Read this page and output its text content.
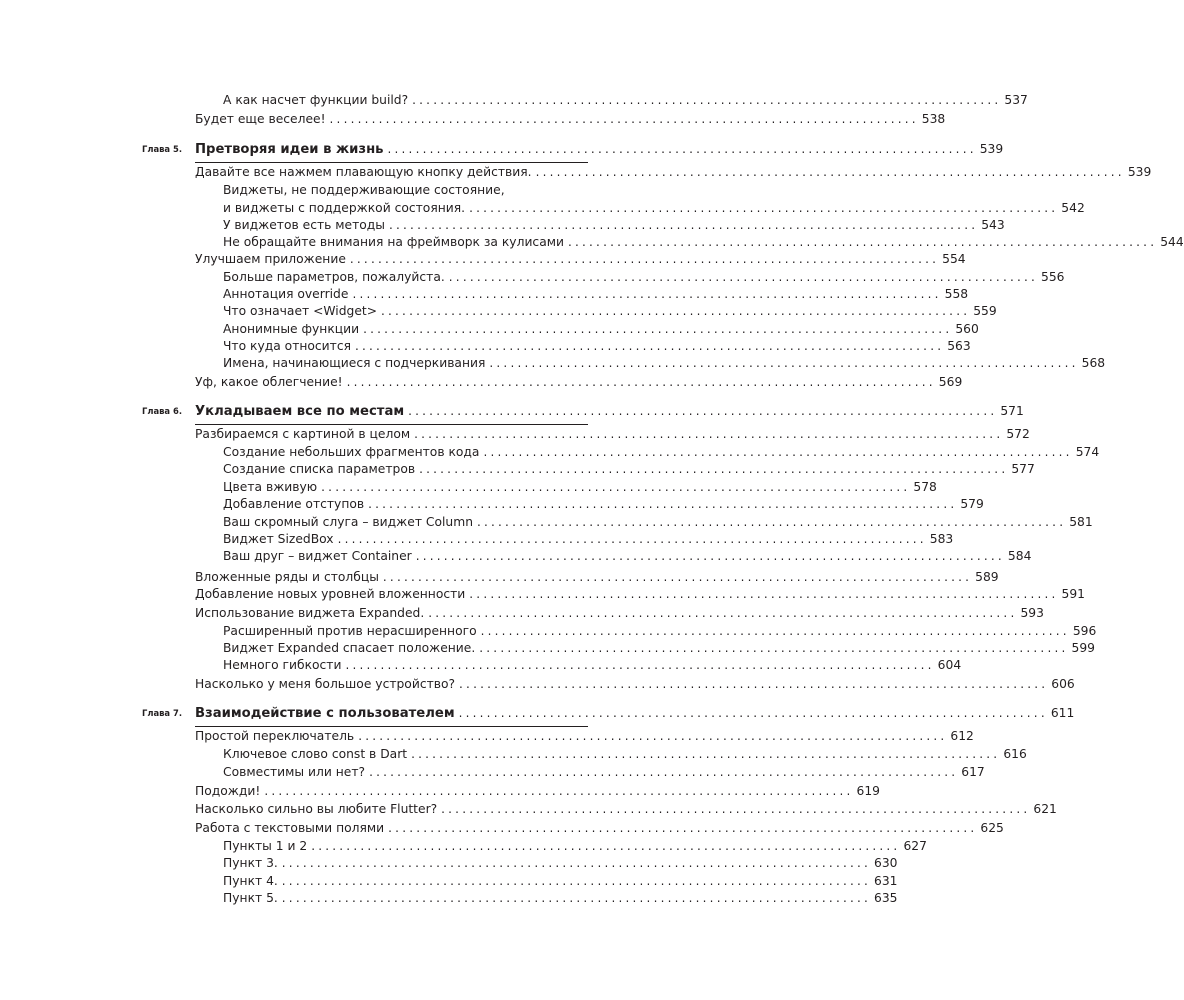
А как насчет функции build? .................................................................................... 537
Будет еще веселее! .................................................................................... 538
Глава 5. Претворяя идеи в жизнь .................................................................................... 539
Давайте все нажмем плавающую кнопку действия. .................................................................................... 539
Виджеты, не поддерживающие состояние,
и виджеты с поддержкой состояния. .................................................................................... 542
У виджетов есть методы .................................................................................... 543
Не обращайте внимания на фреймворк за кулисами .................................................................................... 544
Улучшаем приложение .................................................................................... 554
Больше параметров, пожалуйста. .................................................................................... 556
Аннотация override .................................................................................... 558
Что означает <Widget> .................................................................................... 559
Анонимные функции .................................................................................... 560
Что куда относится .................................................................................... 563
Имена, начинающиеся с подчеркивания .................................................................................... 568
Уф, какое облегчение! .................................................................................... 569
Глава 6. Укладываем все по местам .................................................................................... 571
Разбираемся с картиной в целом .................................................................................... 572
Создание небольших фрагментов кода .................................................................................... 574
Создание списка параметров .................................................................................... 577
Цвета вживую .................................................................................... 578
Добавление отступов .................................................................................... 579
Ваш скромный слуга – виджет Column .................................................................................... 581
Виджет SizedBox .................................................................................... 583
Ваш друг – виджет Container .................................................................................... 584
Вложенные ряды и столбцы .................................................................................... 589
Добавление новых уровней вложенности .................................................................................... 591
Использование виджета Expanded. .................................................................................... 593
Расширенный против нерасширенного .................................................................................... 596
Виджет Expanded спасает положение. .................................................................................... 599
Немного гибкости .................................................................................... 604
Насколько у меня большое устройство? .................................................................................... 606
Глава 7. Взаимодействие с пользователем .................................................................................... 611
Простой переключатель .................................................................................... 612
Ключевое слово const в Dart .................................................................................... 616
Совместимы или нет? .................................................................................... 617
Подожди! .................................................................................... 619
Насколько сильно вы любите Flutter? .................................................................................... 621
Работа с текстовыми полями .................................................................................... 625
Пункты 1 и 2 .................................................................................... 627
Пункт 3. .................................................................................... 630
Пункт 4. .................................................................................... 631
Пункт 5. .................................................................................... 635
